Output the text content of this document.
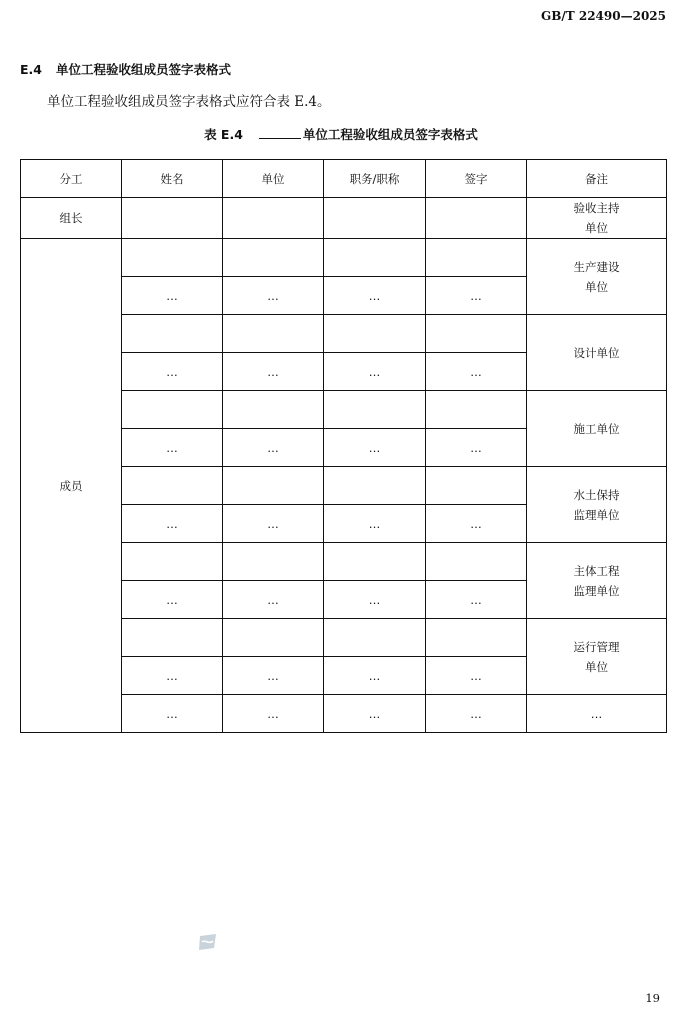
GB/T 22490—2025
E.4 单位工程验收组成员签字表格式
单位工程验收组成员签字表格式应符合表 E.4。
表 E.4	单位工程验收组成员签字表格式
分工	姓名	单位	职务/职称	签字	备注
组长					验收主持
单位
成员					生产建设
单位
	…	…	…	…	
					设计单位
	…	…	…	…	
					施工单位
	…	…	…	…	
					水土保持
监理单位
	…	…	…	…	
					主体工程
监理单位
	…	…	…	…	
					运行管理
单位
	…	…	…	…	
	…	…	…	…	…
19
